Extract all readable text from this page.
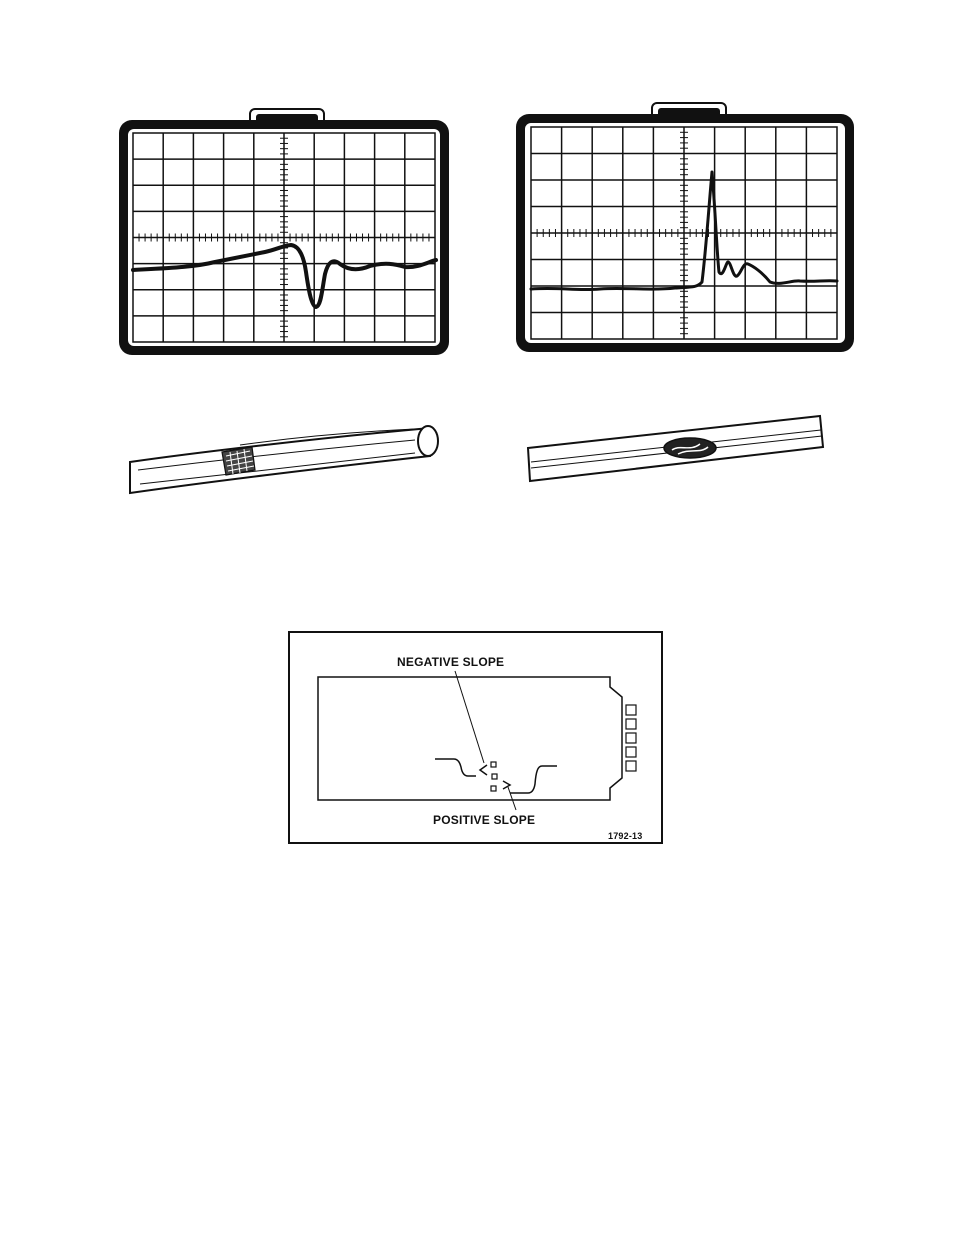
NEGATIVE SLOPE
POSITIVE SLOPE
1792-13
